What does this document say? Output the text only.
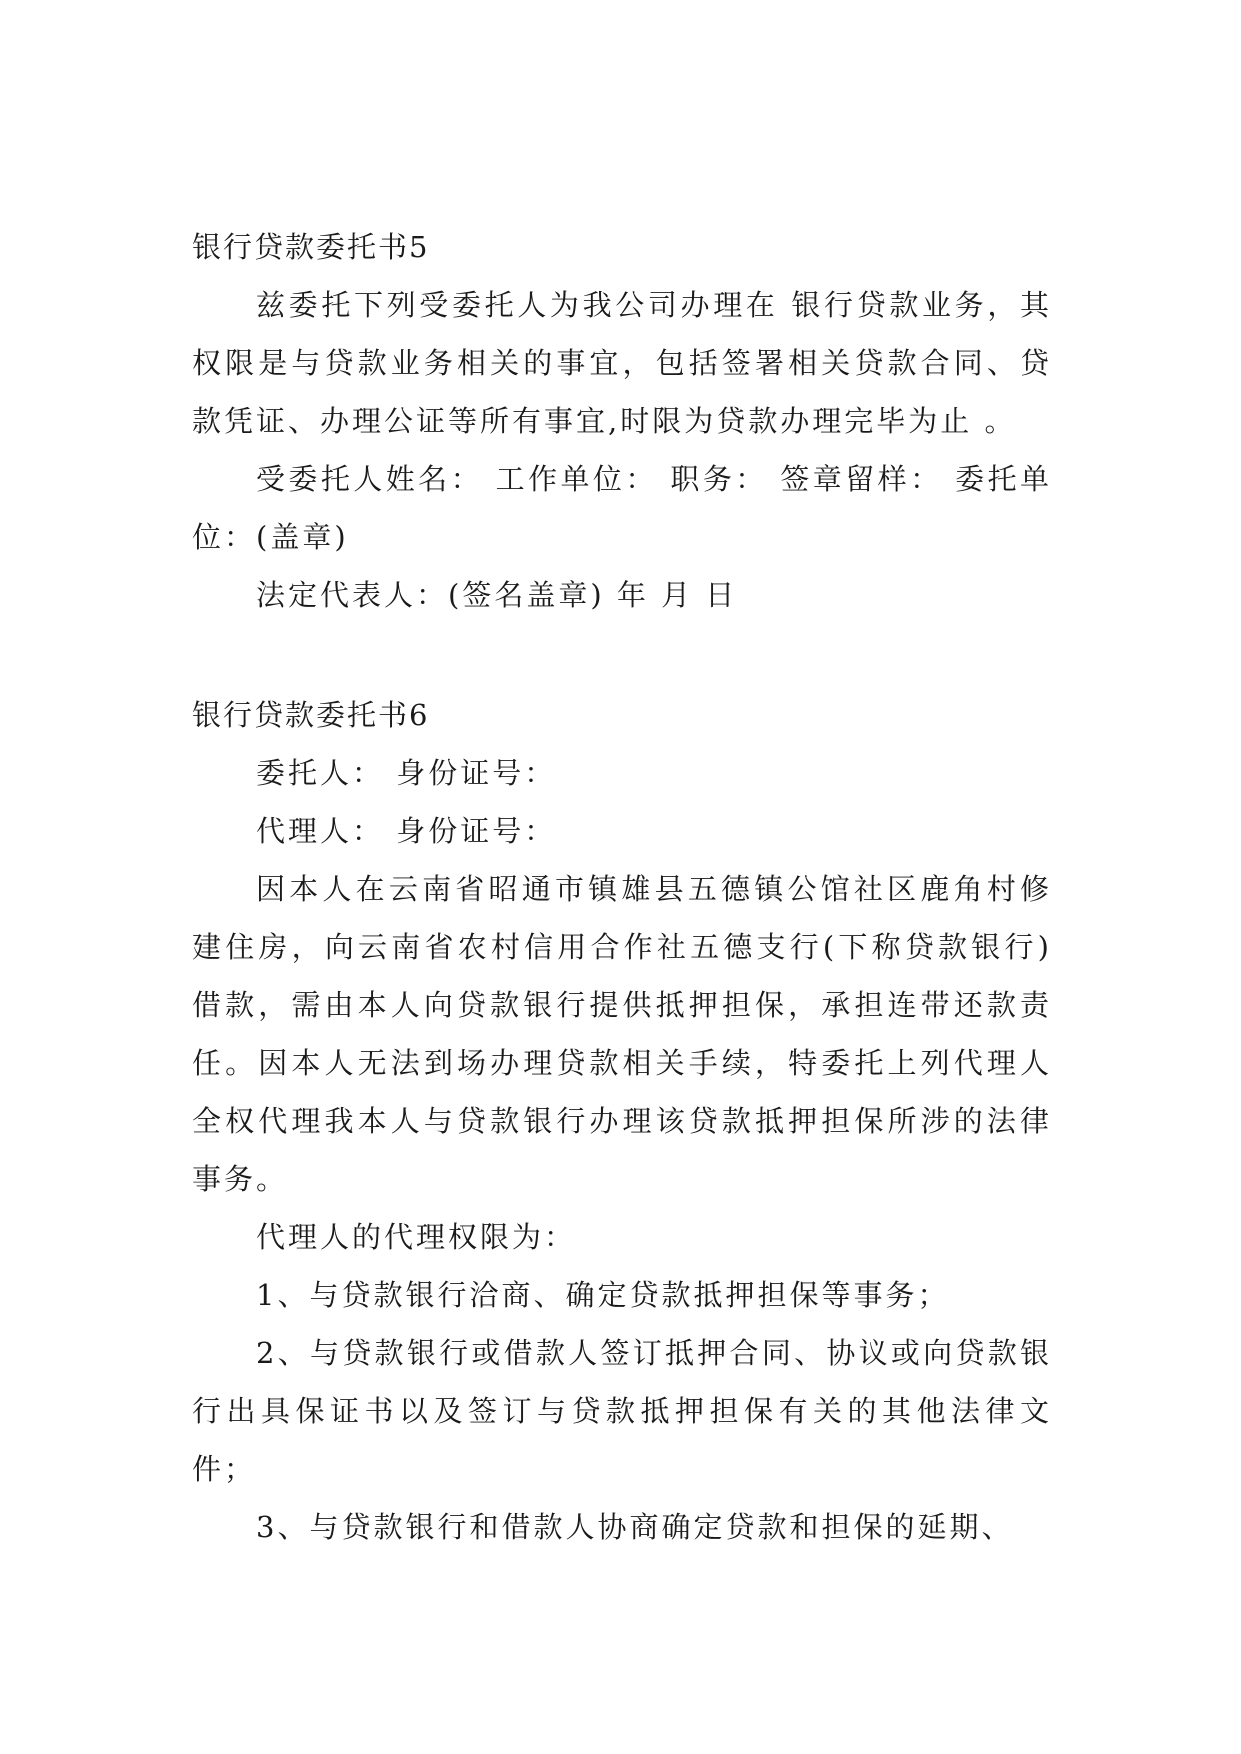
银行贷款委托书5

兹委托下列受委托人为我公司办理在 银行贷款业务，其权限是与贷款业务相关的事宜，包括签署相关贷款合同、贷款凭证、办理公证等所有事宜,时限为贷款办理完毕为止 。

受委托人姓名： 工作单位： 职务： 签章留样： 委托单位：(盖章)

法定代表人：(签名盖章) 年 月 日

银行贷款委托书6

委托人： 身份证号：

代理人： 身份证号：

因本人在云南省昭通市镇雄县五德镇公馆社区鹿角村修建住房，向云南省农村信用合作社五德支行(下称贷款银行)借款，需由本人向贷款银行提供抵押担保，承担连带还款责任。因本人无法到场办理贷款相关手续，特委托上列代理人全权代理我本人与贷款银行办理该贷款抵押担保所涉的法律事务。

代理人的代理权限为：

1、与贷款银行洽商、确定贷款抵押担保等事务；

2、与贷款银行或借款人签订抵押合同、协议或向贷款银行出具保证书以及签订与贷款抵押担保有关的其他法律文件；

3、与贷款银行和借款人协商确定贷款和担保的延期、
